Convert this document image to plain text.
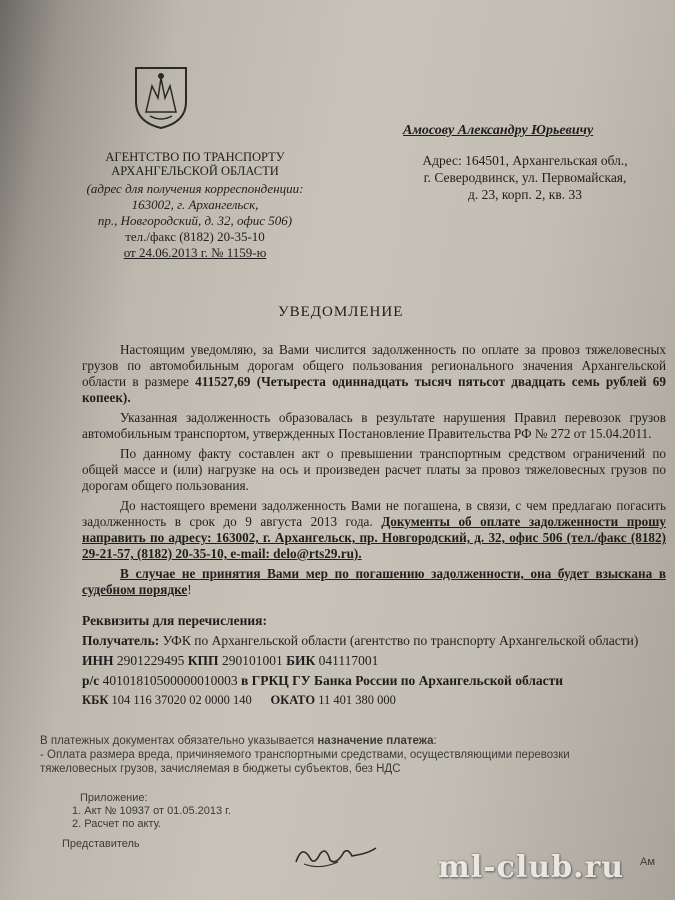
АГЕНТСТВО ПО ТРАНСПОРТУ
АРХАНГЕЛЬСКОЙ ОБЛАСТИ
(адрес для получения корреспонденции:
163002, г. Архангельск,
пр., Новгородский, д. 32, офис 506)
тел./факс (8182) 20-35-10
от 24.06.2013 г. № 1159-ю
Амосову Александру Юрьевичу
Адрес: 164501, Архангельская обл.,
г. Северодвинск, ул. Первомайская,
д. 23, корп. 2, кв. 33
УВЕДОМЛЕНИЕ

Настоящим уведомляю, за Вами числится задолженность по оплате за провоз тяжеловесных грузов по автомобильным дорогам общего пользования регионального значения Архангельской области в размере 411527,69 (Четыреста одиннадцать тысяч пятьсот двадцать семь рублей 69 копеек).

Указанная задолженность образовалась в результате нарушения Правил перевозок грузов автомобильным транспортом, утвержденных Постановление Правительства РФ № 272 от 15.04.2011.

По данному факту составлен акт о превышении транспортным средством ограничений по общей массе и (или) нагрузке на ось и произведен расчет платы за провоз тяжеловесных грузов по дорогам общего пользования.

До настоящего времени задолженность Вами не погашена, в связи, с чем предлагаю погасить задолженность в срок до 9 августа 2013 года. Документы об оплате задолженности прошу направить по адресу: 163002, г. Архангельск, пр. Новгородский, д. 32, офис 506 (тел./факс (8182) 29-21-57, (8182) 20-35-10, e-mail: delo@rts29.ru).

В случае не принятия Вами мер по погашению задолженности, она будет взыскана в судебном порядке!

Реквизиты для перечисления:
Получатель: УФК по Архангельской области (агентство по транспорту Архангельской области)
ИНН 2901229495 КПП 290101001 БИК 041117001
р/с 40101810500000010003 в ГРКЦ ГУ Банка России по Архангельской области
КБК 104 116 37020 02 0000 140 ОКАТО 11 401 380 000
В платежных документах обязательно указывается назначение платежа:
- Оплата размера вреда, причиняемого транспортными средствами, осуществляющими перевозки тяжеловесных грузов, зачисляемая в бюджеты субъектов, без НДС
Приложение:
1. Акт № 10937 от 01.05.2013 г.
2. Расчет по акту.
Представитель
ml-club.ru Ам
